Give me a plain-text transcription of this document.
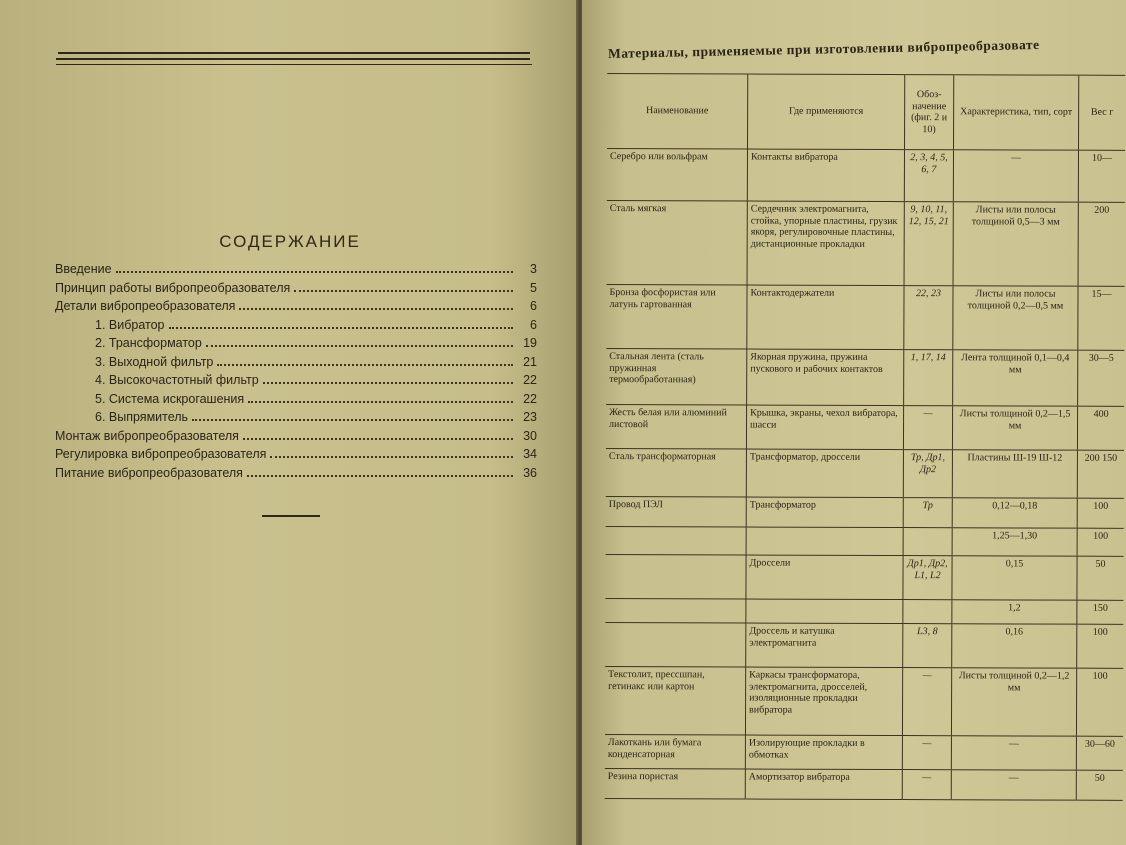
СОДЕРЖАНИЕ
Введение	3
Принцип работы вибропреобразователя	5
Детали вибропреобразователя	6
1. Вибратор	6
2. Трансформатор	19
3. Выходной фильтр	21
4. Высокочастотный фильтр	22
5. Система искрогашения	22
6. Выпрямитель	23
Монтаж вибропреобразователя	30
Регулировка вибропреобразователя	34
Питание вибропреобразователя	36
Материалы, применяемые при изготовлении вибропреобразовате
Наименование	Где применяются	Обоз- начение (фиг. 2 и 10)	Характеристика, тип, сорт	Вес г
Серебро или вольфрам	Контакты вибратора	2, 3, 4, 5, 6, 7	—	10—
Сталь мягкая	Сердечник электромагнита, стойка, упорные пластины, грузик якоря, регулировочные пластины, дистанционные прокладки	9, 10, 11, 12, 15, 21	Листы или полосы толщиной 0,5—3 мм	200
Бронза фосфористая или латунь гартованная	Контактодержатели	22, 23	Листы или полосы толщиной 0,2—0,5 мм	15—
Стальная лента (сталь пружинная термообработанная)	Якорная пружина, пружина пускового и рабочих контактов	1, 17, 14	Лента толщиной 0,1—0,4 мм	30—5
Жесть белая или алюминий листовой	Крышка, экраны, чехол вибратора, шасси	—	Листы толщиной 0,2—1,5 мм	400
Сталь трансформаторная	Трансформатор, дроссели	Тр, Др1, Др2	Пластины Ш-19 Ш-12	200 150
Провод ПЭЛ	Трансформатор	Тр	0,12—0,18	100
			1,25—1,30	100
	Дроссели	Др1, Др2, L1, L2	0,15	50
			1,2	150
	Дроссель и катушка электромагнита	L3, 8	0,16	100
Текстолит, прессшпан, гетинакс или картон	Каркасы трансформатора, электромагнита, дросселей, изоляционные прокладки вибратора	—	Листы толщиной 0,2—1,2 мм	100
Лакоткань или бумага конденсаторная	Изолирующие прокладки в обмотках	—	—	30—60
Резина пористая	Амортизатор вибратора	—	—	50
